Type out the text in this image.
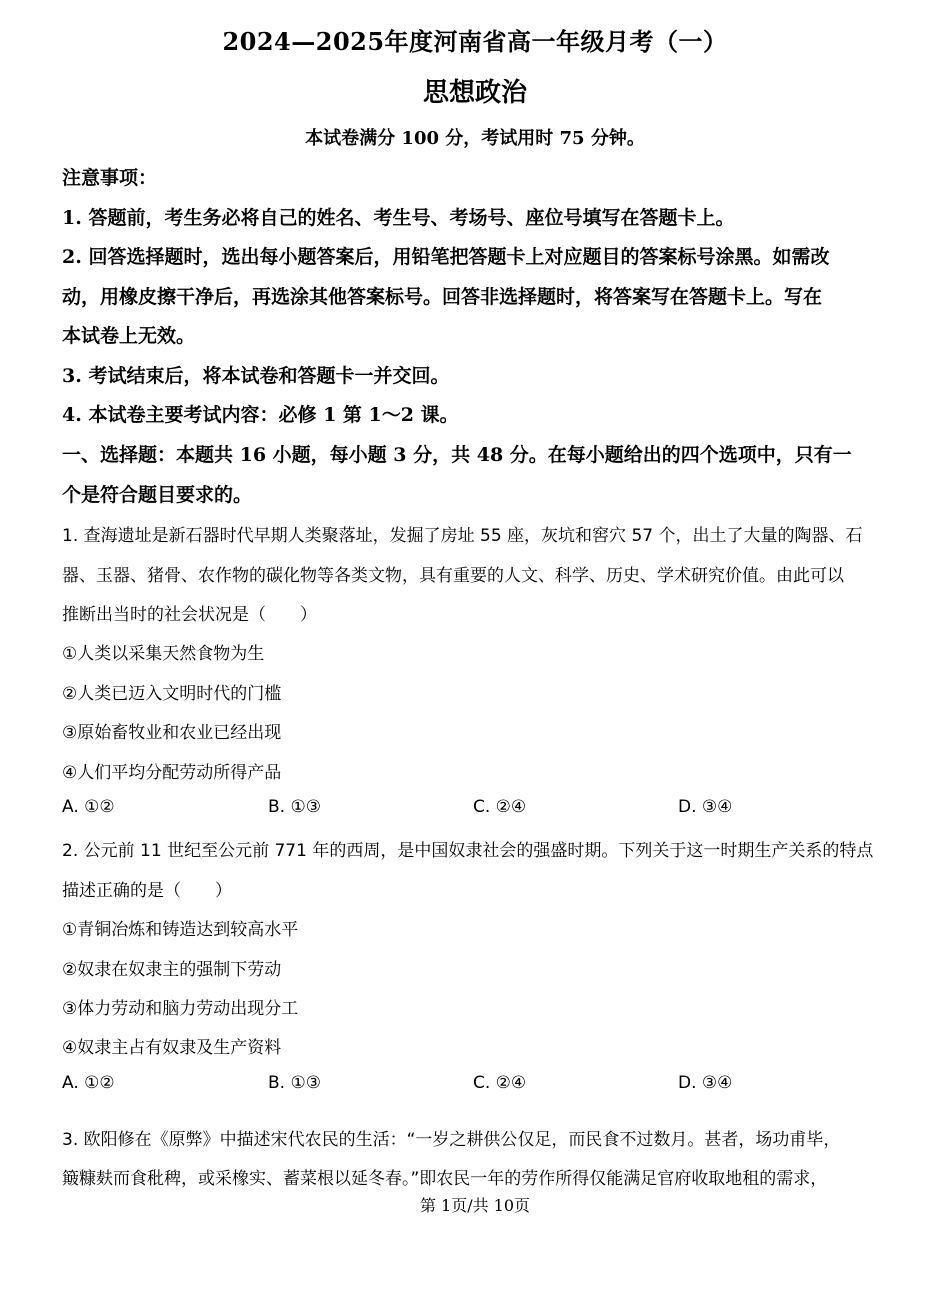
2024—2025年度河南省高一年级月考（一）
思想政治
本试卷满分 100 分，考试用时 75 分钟。
注意事项：
1. 答题前，考生务必将自己的姓名、考生号、考场号、座位号填写在答题卡上。
2. 回答选择题时，选出每小题答案后，用铅笔把答题卡上对应题目的答案标号涂黑。如需改
动，用橡皮擦干净后，再选涂其他答案标号。回答非选择题时，将答案写在答题卡上。写在
本试卷上无效。
3. 考试结束后，将本试卷和答题卡一并交回。
4. 本试卷主要考试内容：必修 1 第 1～2 课。
一、选择题：本题共 16 小题，每小题 3 分，共 48 分。在每小题给出的四个选项中，只有一
个是符合题目要求的。
1. 查海遗址是新石器时代早期人类聚落址，发掘了房址 55 座，灰坑和窖穴 57 个，出土了大量的陶器、石
器、玉器、猪骨、农作物的碳化物等各类文物，具有重要的人文、科学、历史、学术研究价值。由此可以
推断出当时的社会状况是（　　）
①人类以采集天然食物为生
②人类已迈入文明时代的门槛
③原始畜牧业和农业已经出现
④人们平均分配劳动所得产品
A. ①②	B. ①③	C. ②④	D. ③④
2. 公元前 11 世纪至公元前 771 年的西周，是中国奴隶社会的强盛时期。下列关于这一时期生产关系的特点
描述正确的是（　　）
①青铜冶炼和铸造达到较高水平
②奴隶在奴隶主的强制下劳动
③体力劳动和脑力劳动出现分工
④奴隶主占有奴隶及生产资料
A. ①②	B. ①③	C. ②④	D. ③④
3. 欧阳修在《原弊》中描述宋代农民的生活：“一岁之耕供公仅足，而民食不过数月。甚者，场功甫毕，
簸糠麸而食秕稗，或采橡实、蓄菜根以延冬春。”即农民一年的劳作所得仅能满足官府收取地租的需求，
第 1页/共 10页
